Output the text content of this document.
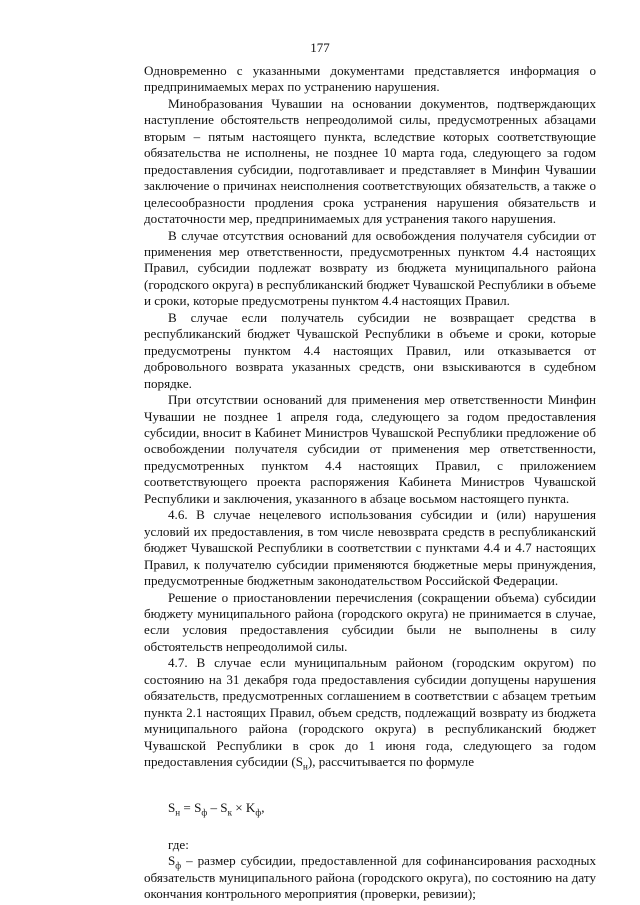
177

Одновременно с указанными документами представляется информация о предпринимаемых мерах по устранению нарушения.

Минобразования Чувашии на основании документов, подтверждающих наступление обстоятельств непреодолимой силы, предусмотренных абзацами вторым – пятым настоящего пункта, вследствие которых соответствующие обязательства не исполнены, не позднее 10 марта года, следующего за годом предоставления субсидии, подготавливает и представляет в Минфин Чувашии заключение о причинах неисполнения соответствующих обязательств, а также о целесообразности продления срока устранения нарушения обязательств и достаточности мер, предпринимаемых для устранения такого нарушения.

В случае отсутствия оснований для освобождения получателя субсидии от применения мер ответственности, предусмотренных пунктом 4.4 настоящих Правил, субсидии подлежат возврату из бюджета муниципального района (городского округа) в республиканский бюджет Чувашской Республики в объеме и сроки, которые предусмотрены пунктом 4.4 настоящих Правил.

В случае если получатель субсидии не возвращает средства в республиканский бюджет Чувашской Республики в объеме и сроки, которые предусмотрены пунктом 4.4 настоящих Правил, или отказывается от добровольного возврата указанных средств, они взыскиваются в судебном порядке.

При отсутствии оснований для применения мер ответственности Минфин Чувашии не позднее 1 апреля года, следующего за годом предоставления субсидии, вносит в Кабинет Министров Чувашской Республики предложение об освобождении получателя субсидии от применения мер ответственности, предусмотренных пунктом 4.4 настоящих Правил, с приложением соответствующего проекта распоряжения Кабинета Министров Чувашской Республики и заключения, указанного в абзаце восьмом настоящего пункта.

4.6. В случае нецелевого использования субсидии и (или) нарушения условий их предоставления, в том числе невозврата средств в республиканский бюджет Чувашской Республики в соответствии с пунктами 4.4 и 4.7 настоящих Правил, к получателю субсидии применяются бюджетные меры принуждения, предусмотренные бюджетным законодательством Российской Федерации.

Решение о приостановлении перечисления (сокращении объема) субсидии бюджету муниципального района (городского округа) не принимается в случае, если условия предоставления субсидии были не выполнены в силу обстоятельств непреодолимой силы.

4.7. В случае если муниципальным районом (городским округом) по состоянию на 31 декабря года предоставления субсидии допущены нарушения обязательств, предусмотренных соглашением в соответствии с абзацем третьим пункта 2.1 настоящих Правил, объем средств, подлежащий возврату из бюджета муниципального района (городского округа) в республиканский бюджет Чувашской Республики в срок до 1 июня года, следующего за годом предоставления субсидии $(S_н)$, рассчитывается по формуле

$S_н = S_ф - S_к \times K_ф$,

где:

$S_ф$ – размер субсидии, предоставленной для софинансирования расходных обязательств муниципального района (городского округа), по состоянию на дату окончания контрольного мероприятия (проверки, ревизии);
